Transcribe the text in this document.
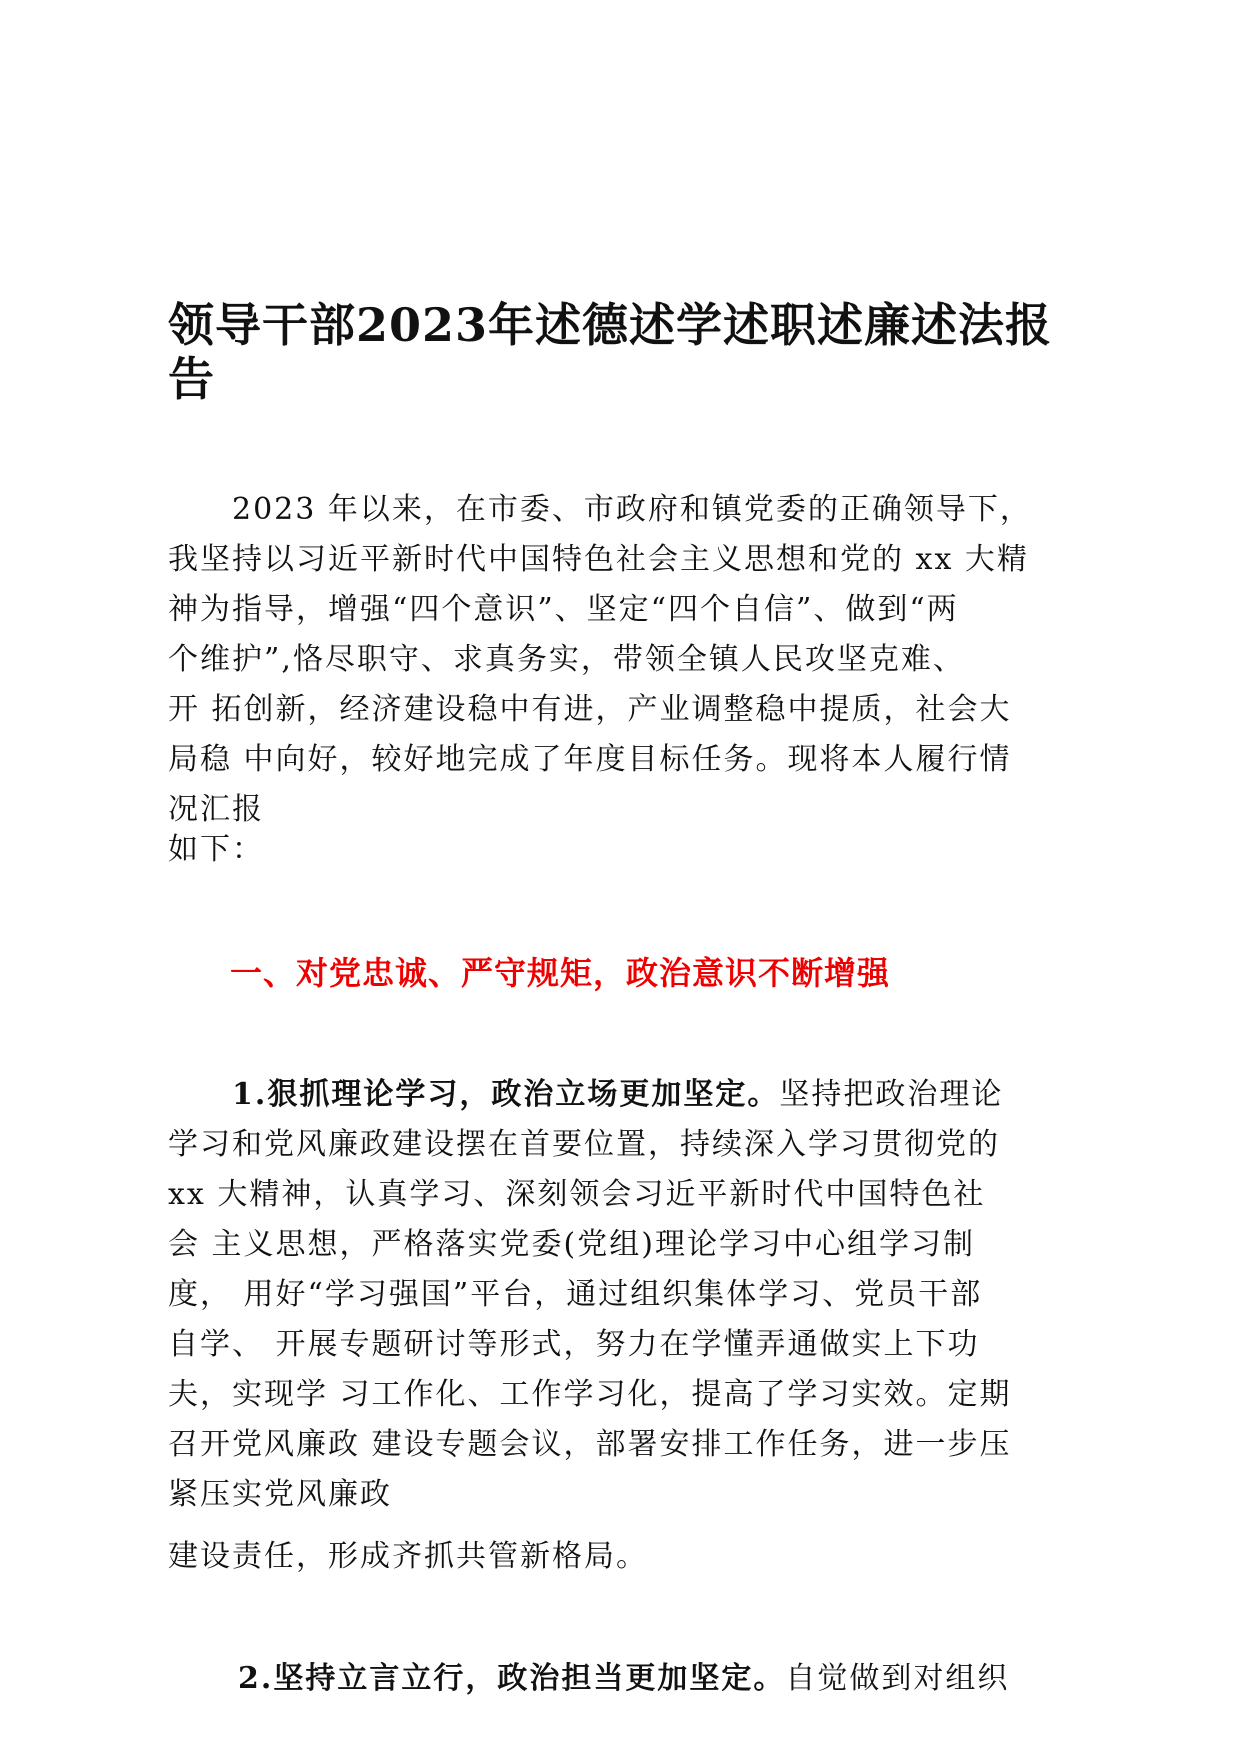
领导干部2023年述德述学述职述廉述法报
告
2023 年以来，在市委、市政府和镇党委的正确领导下，
我坚持以习近平新时代中国特色社会主义思想和党的 xx 大精
神为指导，增强“四个意识”、坚定“四个自信”、做到“两
个维护”,恪尽职守、求真务实，带领全镇人民攻坚克难、
开 拓创新，经济建设稳中有进，产业调整稳中提质，社会大
局稳 中向好，较好地完成了年度目标任务。现将本人履行情
况汇报
如下：
一、对党忠诚、严守规矩，政治意识不断增强
1.狠抓理论学习，政治立场更加坚定。坚持把政治理论
学习和党风廉政建设摆在首要位置，持续深入学习贯彻党的
xx 大精神，认真学习、深刻领会习近平新时代中国特色社
会 主义思想，严格落实党委(党组)理论学习中心组学习制
度， 用好“学习强国”平台，通过组织集体学习、党员干部
自学、 开展专题研讨等形式，努力在学懂弄通做实上下功
夫，实现学 习工作化、工作学习化，提高了学习实效。定期
召开党风廉政 建设专题会议，部署安排工作任务，进一步压
紧压实党风廉政
建设责任，形成齐抓共管新格局。
2.坚持立言立行，政治担当更加坚定。自觉做到对组织
